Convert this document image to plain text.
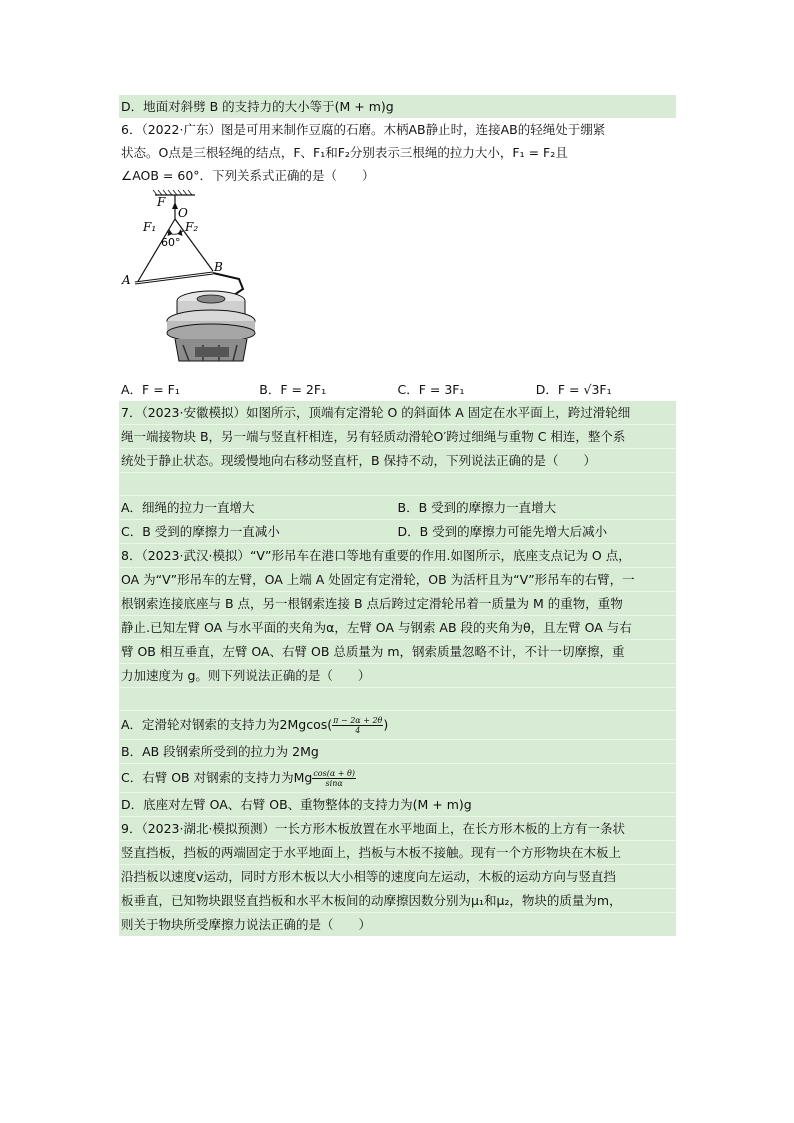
D．地面对斜劈 B 的支持力的大小等于(M + m)g
6．（2022·广东）图是可用来制作豆腐的石磨。木柄AB静止时，连接AB的轻绳处于绷紧
状态。O点是三根轻绳的结点，F、F₁和F₂分别表示三根绳的拉力大小，F₁ = F₂且
∠AOB = 60°．下列关系式正确的是（　　）
F
O
F₁ F₂
60°
A
B
A．F = F₁	B．F = 2F₁	C．F = 3F₁	D．F = √3F₁
7．（2023·安徽模拟）如图所示，顶端有定滑轮 O 的斜面体 A 固定在水平面上，跨过滑轮细
绳一端接物块 B，另一端与竖直杆相连，另有轻质动滑轮O′跨过细绳与重物 C 相连，整个系
统处于静止状态。现缓慢地向右移动竖直杆，B 保持不动，下列说法正确的是（　　）
A．细绳的拉力一直增大	B．B 受到的摩擦力一直增大
C．B 受到的摩擦力一直减小	D．B 受到的摩擦力可能先增大后减小
8．（2023·武汉·模拟）“V”形吊车在港口等地有重要的作用.如图所示，底座支点记为 O 点，
OA 为“V”形吊车的左臂，OA 上端 A 处固定有定滑轮，OB 为活杆且为“V”形吊车的右臂，一
根钢索连接底座与 B 点，另一根钢索连接 B 点后跨过定滑轮吊着一质量为 M 的重物，重物
静止.已知左臂 OA 与水平面的夹角为α，左臂 OA 与钢索 AB 段的夹角为θ，且左臂 OA 与右
臂 OB 相互垂直，左臂 OA、右臂 OB 总质量为 m，钢索质量忽略不计，不计一切摩擦，重
力加速度为 g。则下列说法正确的是（　　）
A．定滑轮对钢索的支持力为$2Mgcos( \frac{\pi - 2\alpha + 2\theta}{4}$ )
B．AB 段钢索所受到的拉力为 2Mg
C．右臂 OB 对钢索的支持力为Mg $\frac{\cos(\alpha + \theta)}{\sin\alpha}$
D．底座对左臂 OA、右臂 OB、重物整体的支持力为(M + m)g
9．（2023·湖北·模拟预测）一长方形木板放置在水平地面上，在长方形木板的上方有一条状
竖直挡板，挡板的两端固定于水平地面上，挡板与木板不接触。现有一个方形物块在木板上
沿挡板以速度v运动，同时方形木板以大小相等的速度向左运动，木板的运动方向与竖直挡
板垂直，已知物块跟竖直挡板和水平木板间的动摩擦因数分别为μ₁和μ₂，物块的质量为m，
则关于物块所受摩擦力说法正确的是（　　）
